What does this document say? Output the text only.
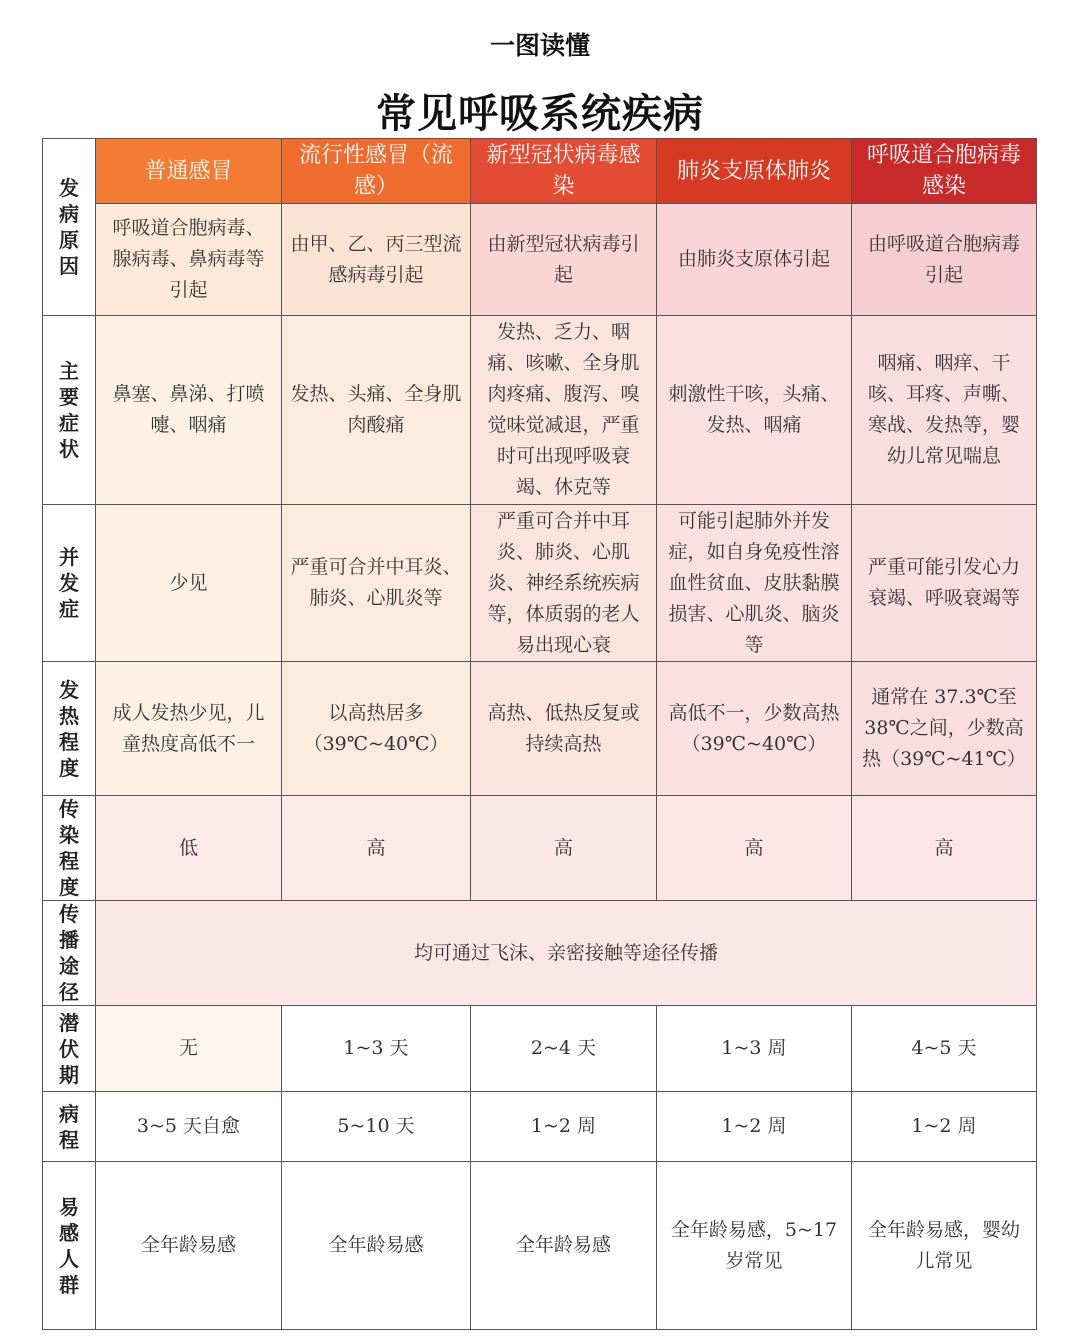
一图读懂
常见呼吸系统疾病
发病原因	普通感冒	流行性感冒（流感）	新型冠状病毒感染	肺炎支原体肺炎	呼吸道合胞病毒感染
	呼吸道合胞病毒、腺病毒、鼻病毒等引起	由甲、乙、丙三型流感病毒引起	由新型冠状病毒引起	由肺炎支原体引起	由呼吸道合胞病毒引起
主要症状	鼻塞、鼻涕、打喷嚏、咽痛	发热、头痛、全身肌肉酸痛	发热、乏力、咽痛、咳嗽、全身肌肉疼痛、腹泻、嗅觉味觉减退，严重时可出现呼吸衰竭、休克等	刺激性干咳，头痛、发热、咽痛	咽痛、咽痒、干咳、耳疼、声嘶、寒战、发热等，婴幼儿常见喘息
并发症	少见	严重可合并中耳炎、肺炎、心肌炎等	严重可合并中耳炎、肺炎、心肌炎、神经系统疾病等，体质弱的老人易出现心衰	可能引起肺外并发症，如自身免疫性溶血性贫血、皮肤黏膜损害、心肌炎、脑炎等	严重可能引发心力衰竭、呼吸衰竭等
发热程度	成人发热少见，儿童热度高低不一	以高热居多（39℃~40℃）	高热、低热反复或持续高热	高低不一，少数高热（39℃~40℃）	通常在 37.3℃至38℃之间，少数高热（39℃~41℃）
传染程度	低	高	高	高	高
传播途径	均可通过飞沫、亲密接触等途径传播				
潜伏期	无	1~3 天	2~4 天	1~3 周	4~5 天
病程	3~5 天自愈	5~10 天	1~2 周	1~2 周	1~2 周
易感人群	全年龄易感	全年龄易感	全年龄易感	全年龄易感，5~17 岁常见	全年龄易感，婴幼儿常见
